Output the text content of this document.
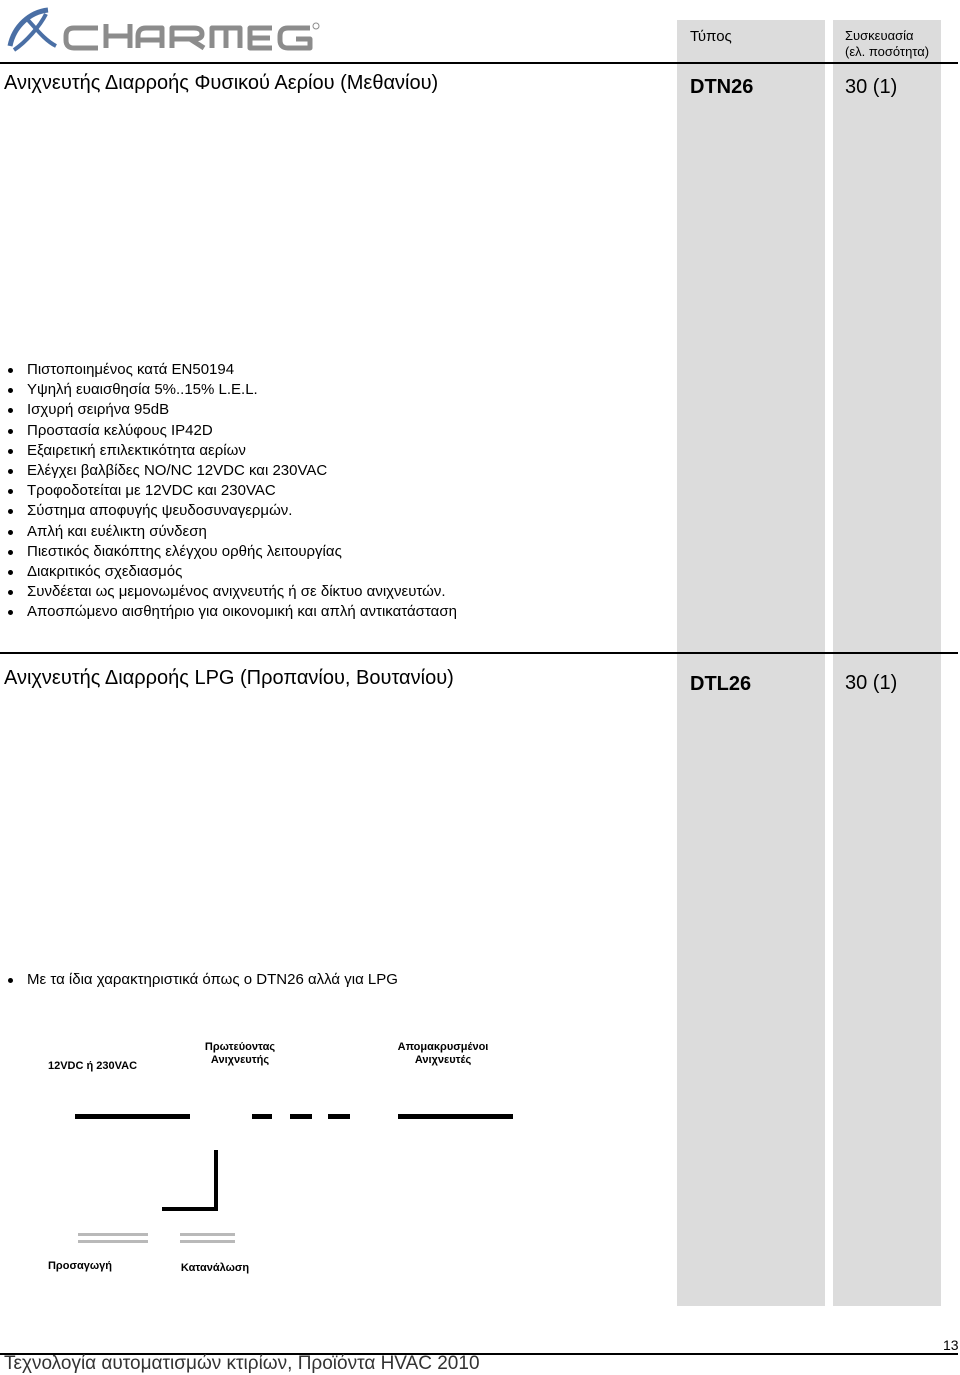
Τύπος	Συσκευασία
(ελ. ποσότητα)
Ανιχνευτής Διαρροής Φυσικού Αερίου (Μεθανίου)	DTN26	30 (1)
Πιστοποιημένος κατά EN50194
Υψηλή ευαισθησία 5%..15% L.E.L.
Ισχυρή σειρήνα 95dB
Προστασία κελύφους IP42D
Εξαιρετική επιλεκτικότητα αερίων
Ελέγχει βαλβίδες NO/NC 12VDC και 230VAC
Τροφοδοτείται με 12VDC και 230VAC
Σύστημα αποφυγής ψευδοσυναγερμών.
Απλή και ευέλικτη σύνδεση
Πιεστικός διακόπτης ελέγχου ορθής λειτουργίας
Διακριτικός σχεδιασμός
Συνδέεται ως μεμονωμένος ανιχνευτής ή σε δίκτυο ανιχνευτών.
Αποσπώμενο αισθητήριο για οικονομική και απλή αντικατάσταση
Ανιχνευτής Διαρροής LPG (Προπανίου, Βουτανίου)	DTL26	30 (1)
Με τα ίδια χαρακτηριστικά όπως ο DTN26 αλλά για LPG
12VDC ή 230VAC
Πρωτεύοντας
Ανιχνευτής
Απομακρυσμένοι
Ανιχνευτές
Προσαγωγή	Κατανάλωση
13
Τεχνολογία αυτοματισμών κτιρίων, Προϊόντα HVAC 2010
